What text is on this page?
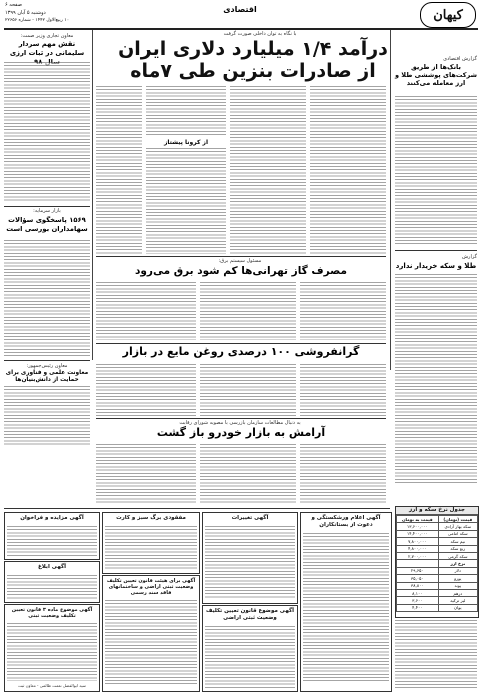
کیهان
اقتصادی
صفحه ۶
دوشنبه ۵ آبان ۱۳۹۹
۱۰ ربیع‌الاول ۱۴۴۲ - شماره ۲۲۶۵۶
با نگاه به توان داخلی صورت گرفت
درآمد ۱/۴ میلیارد دلاری ایران
از صادرات بنزین طی ۷ماه
از کرونا پیشتاز
گزارش اقتصادی
بانک‌ها از طریق شرکت‌های پوششی طلا و ارز معامله می‌کنند
گزارش
طلا و سکه خریدار ندارد
معاون تجاری وزیر صمت:
نقش مهم سردار سلیمانی در ثبات ارزی
بازار سرمایه:
۱۵۶۹ پاسخگوی سؤالات سهامداران بورسی است
مسئول سیستم برق:
مصرف گاز تهرانی‌ها کم شود برق می‌رود
گرانفروشی ۱۰۰ درصدی روغن مایع در بازار
معاون رئیس‌جمهور:
معاونت علمی و فناوری برای حمایت از دانش‌بنیان‌ها
به دنبال مطالعات سازمان بازرسی با مصوبه شورای رقابت
آرامش به بازار خودرو باز گشت
جدول نرخ سکه و ارز
قیمت (تومان)	قیمت به تومان
سکه بهار آزادی	۱۳,۶۰۰,۰۰۰
سکه امامی	۱۴,۴۰۰,۰۰۰
نیم سکه	۷,۸۰۰,۰۰۰
ربع سکه	۴,۸۰۰,۰۰۰
سکه گرمی	۲,۷۰۰,۰۰۰
نرخ ارز	
دلار	۲۹,۶۵۰
یورو	۳۵,۰۵۰
پوند	۳۸,۸۰۰
درهم	۸,۱۰۰
لیر ترکیه	۳,۶۰۰
یوان	۴,۴۰۰
آگهی اعلام ورشکستگی و دعوت از بستانکاران
آگهی تغییرات
آگهی موضوع قانون تعیین تکلیف وضعیت ثبتی اراضی
مفقودی برگ سبز و کارت
آگهی برای هیئت قانون تعیین تکلیف وضعیت ثبتی اراضی و ساختمانهای فاقد سند رسمی
آگهی مزایده و فراخوان
آگهی ابلاغ
آگهی موضوع ماده ۳ قانون تعیین تکلیف وضعیت ثبتی
سید ابوالفضل نعمت ظالمی - معاون ثبت
